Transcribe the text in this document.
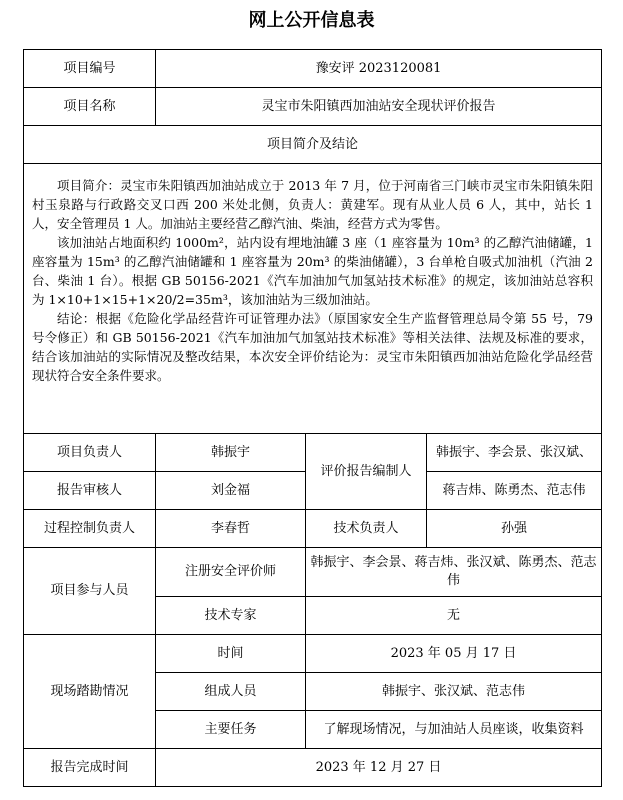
网上公开信息表
项目编号	豫安评 2023120081		
项目名称	灵宝市朱阳镇西加油站安全现状评价报告		
项目简介及结论			

项目简介：灵宝市朱阳镇西加油站成立于 2013 年 7 月，位于河南省三门峡市灵宝市朱阳镇朱阳村玉泉路与行政路交叉口西 200 米处北侧，负责人：黄建军。现有从业人员 6 人，其中，站长 1 人，安全管理员 1 人。加油站主要经营乙醇汽油、柴油，经营方式为零售。

该加油站占地面积约 1000m²，站内设有埋地油罐 3 座（1 座容量为 10m³ 的乙醇汽油储罐，1 座容量为 15m³ 的乙醇汽油储罐和 1 座容量为 20m³ 的柴油储罐），3 台单枪自吸式加油机（汽油 2 台、柴油 1 台）。根据 GB 50156-2021《汽车加油加气加氢站技术标准》的规定，该加油站总容积为 1×10+1×15+1×20/2=35m³，该加油站为三级加油站。

结论：根据《危险化学品经营许可证管理办法》（原国家安全生产监督管理总局令第 55 号，79 号令修正）和 GB 50156-2021《汽车加油加气加氢站技术标准》等相关法律、法规及标准的要求，结合该加油站的实际情况及整改结果，本次安全评价结论为：灵宝市朱阳镇西加油站危险化学品经营现状符合安全条件要求。			

项目负责人	韩振宇	评价报告编制人	韩振宇、李会景、张汉斌、
报告审核人	刘金福		蒋吉炜、陈勇杰、范志伟
过程控制负责人	李春哲	技术负责人	孙强
项目参与人员	注册安全评价师	韩振宇、李会景、蒋吉炜、张汉斌、陈勇杰、范志伟	

	技术专家	无	
现场踏勘情况	时间	2023 年 05 月 17 日	
	组成人员	韩振宇、张汉斌、范志伟	
	主要任务	了解现场情况，与加油站人员座谈，收集资料	
报告完成时间	2023 年 12 月 27 日		
